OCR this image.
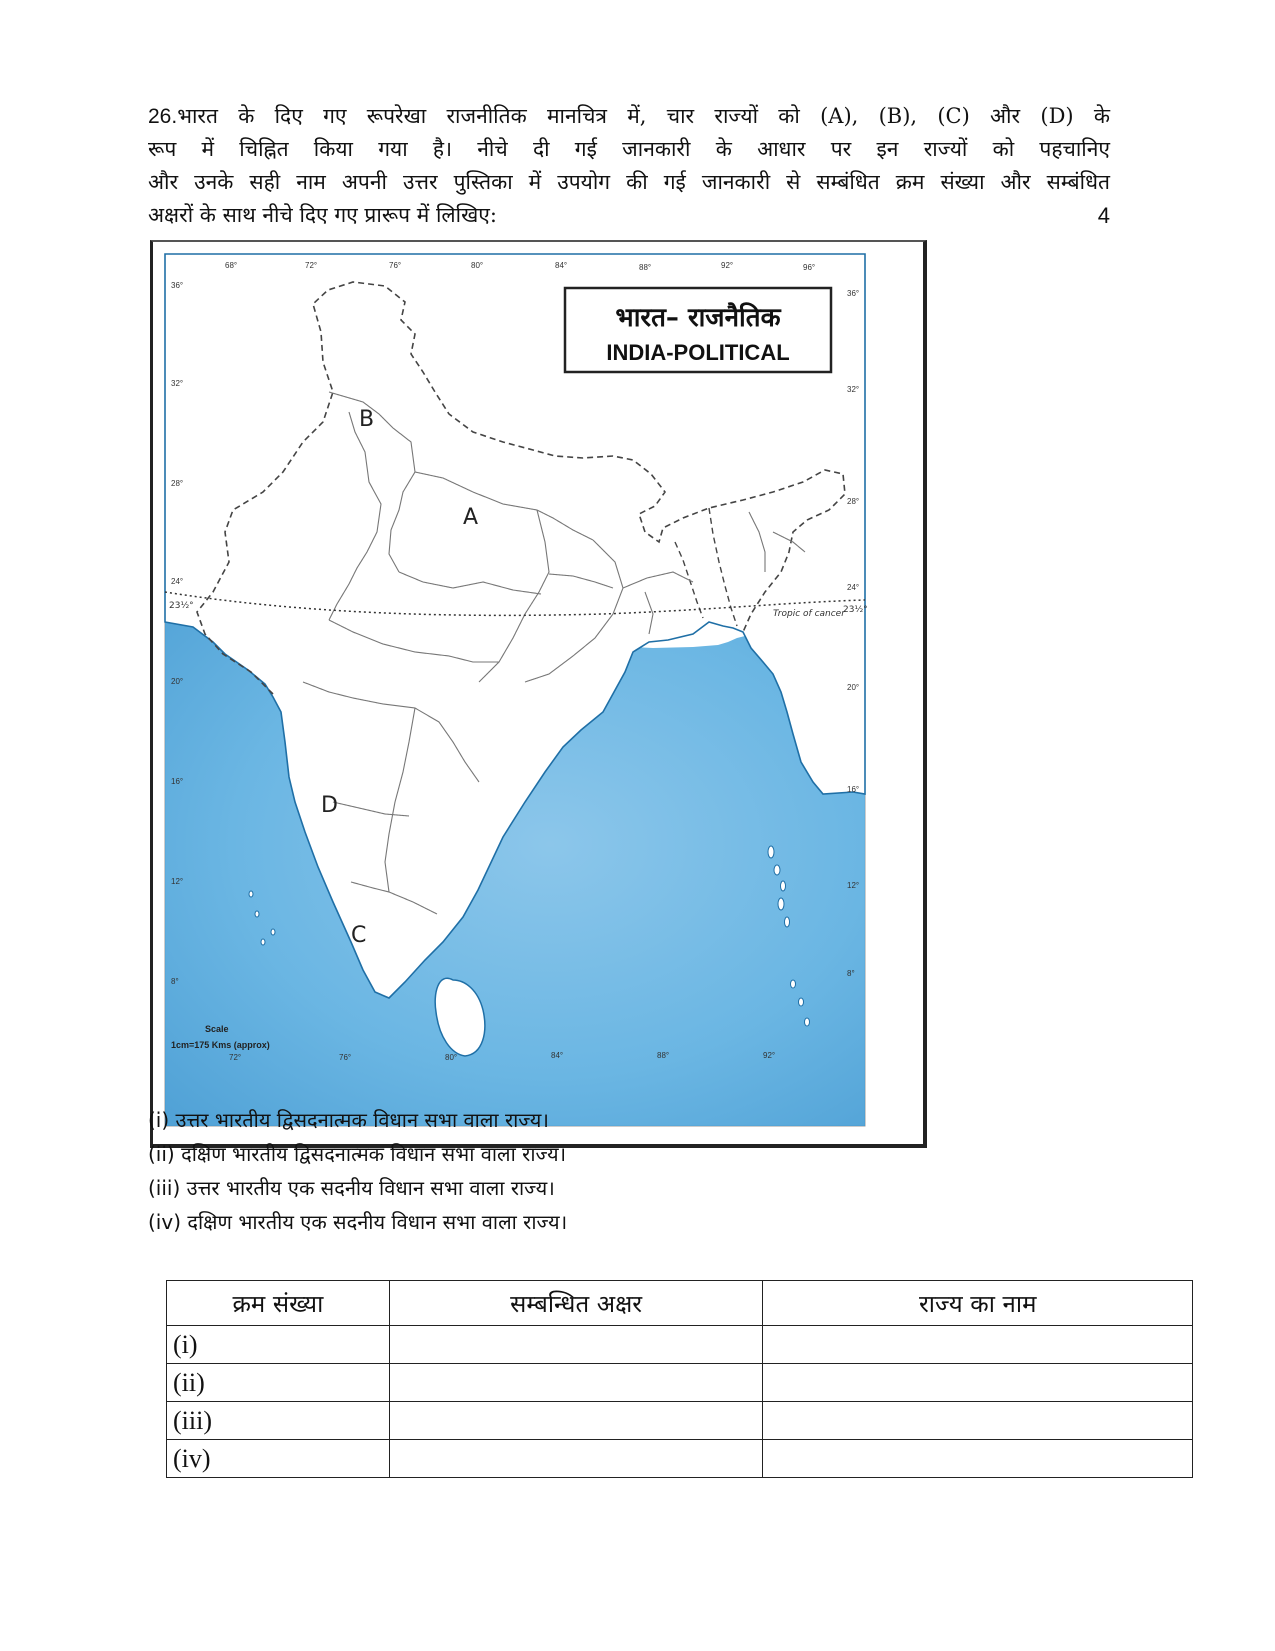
26.भारत के दिए गए रूपरेखा राजनीतिक मानचित्र में, चार राज्यों को (A), (B), (C) और (D) के
रूप में चिह्नित किया गया है। नीचे दी गई जानकारी के आधार पर इन राज्यों को पहचानिए
और उनके सही नाम अपनी उत्तर पुस्तिका में उपयोग की गई जानकारी से सम्बंधित क्रम संख्या और सम्बंधित
अक्षरों के साथ नीचे दिए गए प्रारूप में लिखिए:	4
Tropic of cancer
23½°
23½°
भारत– राजनैतिक
INDIA-POLITICAL
A
B
C
D
Scale
1cm=175 Kms (approx)
68°	72°	76°	80°	84°	88°	92°	96°
72°	76°	80°	84°	88°	92°
36°
32°
28°
24°
20°
16°
12°
8°
36°
32°
28°
24°
20°
16°
12°
8°
(i) उत्तर भारतीय द्विसदनात्मक विधान सभा वाला राज्य।
(ii) दक्षिण भारतीय द्विसदनात्मक विधान सभा वाला राज्य।
(iii) उत्तर भारतीय एक सदनीय विधान सभा वाला राज्य।
(iv) दक्षिण भारतीय एक सदनीय विधान सभा वाला राज्य।
क्रम संख्या	सम्बन्धित अक्षर	राज्य का नाम
(i)		
(ii)		
(iii)		
(iv)		
